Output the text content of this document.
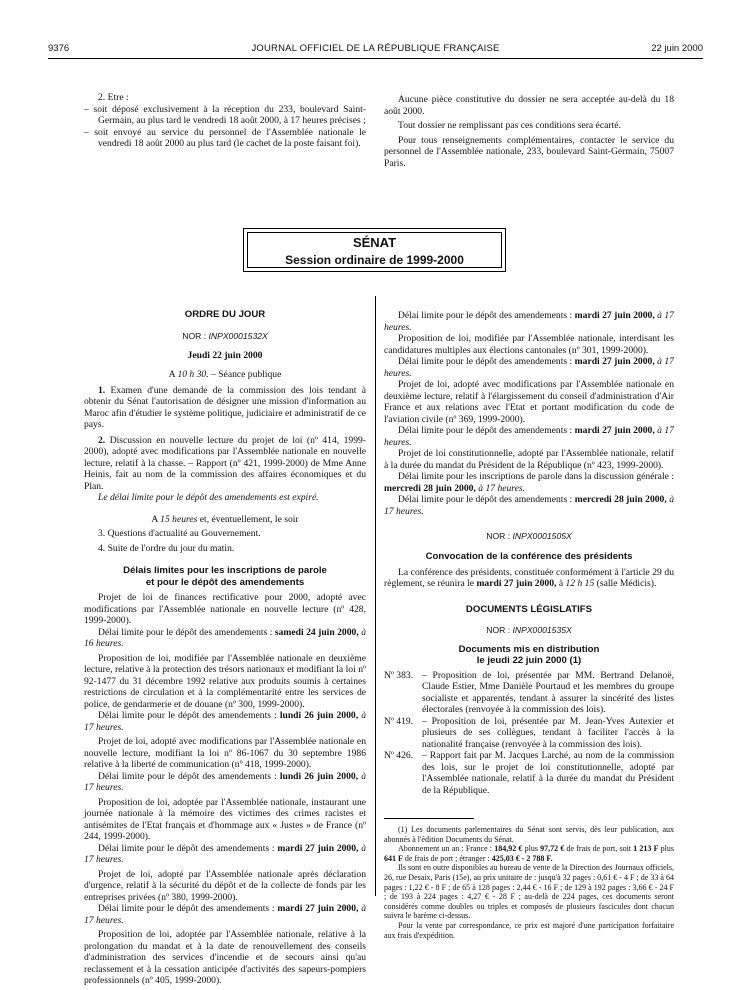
9376	JOURNAL OFFICIEL DE LA RÉPUBLIQUE FRANÇAISE	22 juin 2000

2. Etre :

– soit déposé exclusivement à la réception du 233, boulevard Saint-Germain, au plus tard le vendredi 18 août 2000, à 17 heures précises ;

– soit envoyé au service du personnel de l'Assemblée nationale le vendredi 18 août 2000 au plus tard (le cachet de la poste faisant foi).

Aucune pièce constitutive du dossier ne sera acceptée au-delà du 18 août 2000.

Tout dossier ne remplissant pas ces conditions sera écarté.

Pour tous renseignements complémentaires, contacter le service du personnel de l'Assemblée nationale, 233, boulevard Saint-Germain, 75007 Paris.

SÉNAT
Session ordinaire de 1999-2000
ORDRE DU JOUR
NOR : INPX0001532X

Jeudi 22 juin 2000

A 10 h 30. – Séance publique

1. Examen d'une demande de la commission des lois tendant à obtenir du Sénat l'autorisation de désigner une mission d'information au Maroc afin d'étudier le système politique, judiciaire et administratif de ce pays.

2. Discussion en nouvelle lecture du projet de loi (nº 414, 1999-2000), adopté avec modifications par l'Assemblée nationale en nouvelle lecture, relatif à la chasse. – Rapport (nº 421, 1999-2000) de Mme Anne Heinis, fait au nom de la commission des affaires économiques et du Plan.

Le délai limite pour le dépôt des amendements est expiré.

A 15 heures et, éventuellement, le soir

3. Questions d'actualité au Gouvernement.

4. Suite de l'ordre du jour du matin.

Délais limites pour les inscriptions de parole
et pour le dépôt des amendements

Projet de loi de finances rectificative pour 2000, adopté avec modifications par l'Assemblée nationale en nouvelle lecture (nº 428, 1999-2000).

Délai limite pour le dépôt des amendements : samedi 24 juin 2000, à 16 heures.

Proposition de loi, modifiée par l'Assemblée nationale en deuxième lecture, relative à la protection des trésors nationaux et modifiant la loi nº 92-1477 du 31 décembre 1992 relative aux produits soumis à certaines restrictions de circulation et à la complémentarité entre les services de police, de gendarmerie et de douane (nº 300, 1999-2000).

Délai limite pour le dépôt des amendements : lundi 26 juin 2000, à 17 heures.

Projet de loi, adopté avec modifications par l'Assemblée nationale en nouvelle lecture, modifiant la loi nº 86-1067 du 30 septembre 1986 relative à la liberté de communication (nº 418, 1999-2000).

Délai limite pour le dépôt des amendements : lundi 26 juin 2000, à 17 heures.

Proposition de loi, adoptée par l'Assemblée nationale, instaurant une journée nationale à la mémoire des victimes des crimes racistes et antisémites de l'Etat français et d'hommage aux « Justes » de France (nº 244, 1999-2000).

Délai limite pour le dépôt des amendements : mardi 27 juin 2000, à 17 heures.

Projet de loi, adopté par l'Assemblée nationale après déclaration d'urgence, relatif à la sécurité du dépôt et de la collecte de fonds par les entreprises privées (nº 380, 1999-2000).

Délai limite pour le dépôt des amendements : mardi 27 juin 2000, à 17 heures.

Proposition de loi, adoptée par l'Assemblée nationale, relative à la prolongation du mandat et à la date de renouvellement des conseils d'administration des services d'incendie et de secours ainsi qu'au reclassement et à la cessation anticipée d'activités des sapeurs-pompiers professionnels (nº 405, 1999-2000).

Délai limite pour le dépôt des amendements : mardi 27 juin 2000, à 17 heures.

Proposition de loi, modifiée par l'Assemblée nationale, interdisant les candidatures multiples aux élections cantonales (nº 301, 1999-2000).

Délai limite pour le dépôt des amendements : mardi 27 juin 2000, à 17 heures.

Projet de loi, adopté avec modifications par l'Assemblée nationale en deuxième lecture, relatif à l'élargissement du conseil d'administration d'Air France et aux relations avec l'Etat et portant modification du code de l'aviation civile (nº 369, 1999-2000).

Délai limite pour le dépôt des amendements : mardi 27 juin 2000, à 17 heures.

Projet de loi constitutionnelle, adopté par l'Assemblée nationale, relatif à la durée du mandat du Président de la République (nº 423, 1999-2000).

Délai limite pour les inscriptions de parole dans la discussion générale : mercredi 28 juin 2000, à 17 heures.

Délai limite pour le dépôt des amendements : mercredi 28 juin 2000, à 17 heures.

NOR : INPX0001505X
Convocation de la conférence des présidents

La conférence des présidents, constituée conformément à l'article 29 du règlement, se réunira le mardi 27 juin 2000, à 12 h 15 (salle Médicis).

DOCUMENTS LÉGISLATIFS
NOR : INPX0001535X
Documents mis en distribution
le jeudi 22 juin 2000 (1)
Nº 383. – Proposition de loi, présentée par MM. Bertrand Delanoë, Claude Estier, Mme Danièle Pourtaud et les membres du groupe socialiste et apparentés, tendant à assurer la sincérité des listes électorales (renvoyée à la commission des lois).
Nº 419. – Proposition de loi, présentée par M. Jean-Yves Autexier et plusieurs de ses collègues, tendant à faciliter l'accès à la nationalité française (renvoyée à la commission des lois).
Nº 426. – Rapport fait par M. Jacques Larché, au nom de la commission des lois, sur le projet de loi constitutionnelle, adopté par l'Assemblée nationale, relatif à la durée du mandat du Président de la République.

(1) Les documents parlementaires du Sénat sont servis, dès leur publication, aux abonnés à l'édition Documents du Sénat.

Abonnement un an : France : 184,92 € plus 97,72 € de frais de port, soit 1 213 F plus 641 F de frais de port ; étranger : 425,03 € - 2 788 F.

Ils sont en outre disponibles au bureau de vente de la Direction des Journaux officiels, 26, rue Desaix, Paris (15e), au prix unitaire de : jusqu'à 32 pages : 0,61 € - 4 F ; de 33 à 64 pages : 1,22 € - 8 F ; de 65 à 128 pages : 2,44 € - 16 F ; de 129 à 192 pages : 3,66 € - 24 F ; de 193 à 224 pages : 4,27 € - 28 F ; au-delà de 224 pages, ces documents seront considérés comme doubles ou triples et composés de plusieurs fascicules dont chacun suivra le barème ci-dessus.

Pour la vente par correspondance, ce prix est majoré d'une participation forfaitaire aux frais d'expédition.
